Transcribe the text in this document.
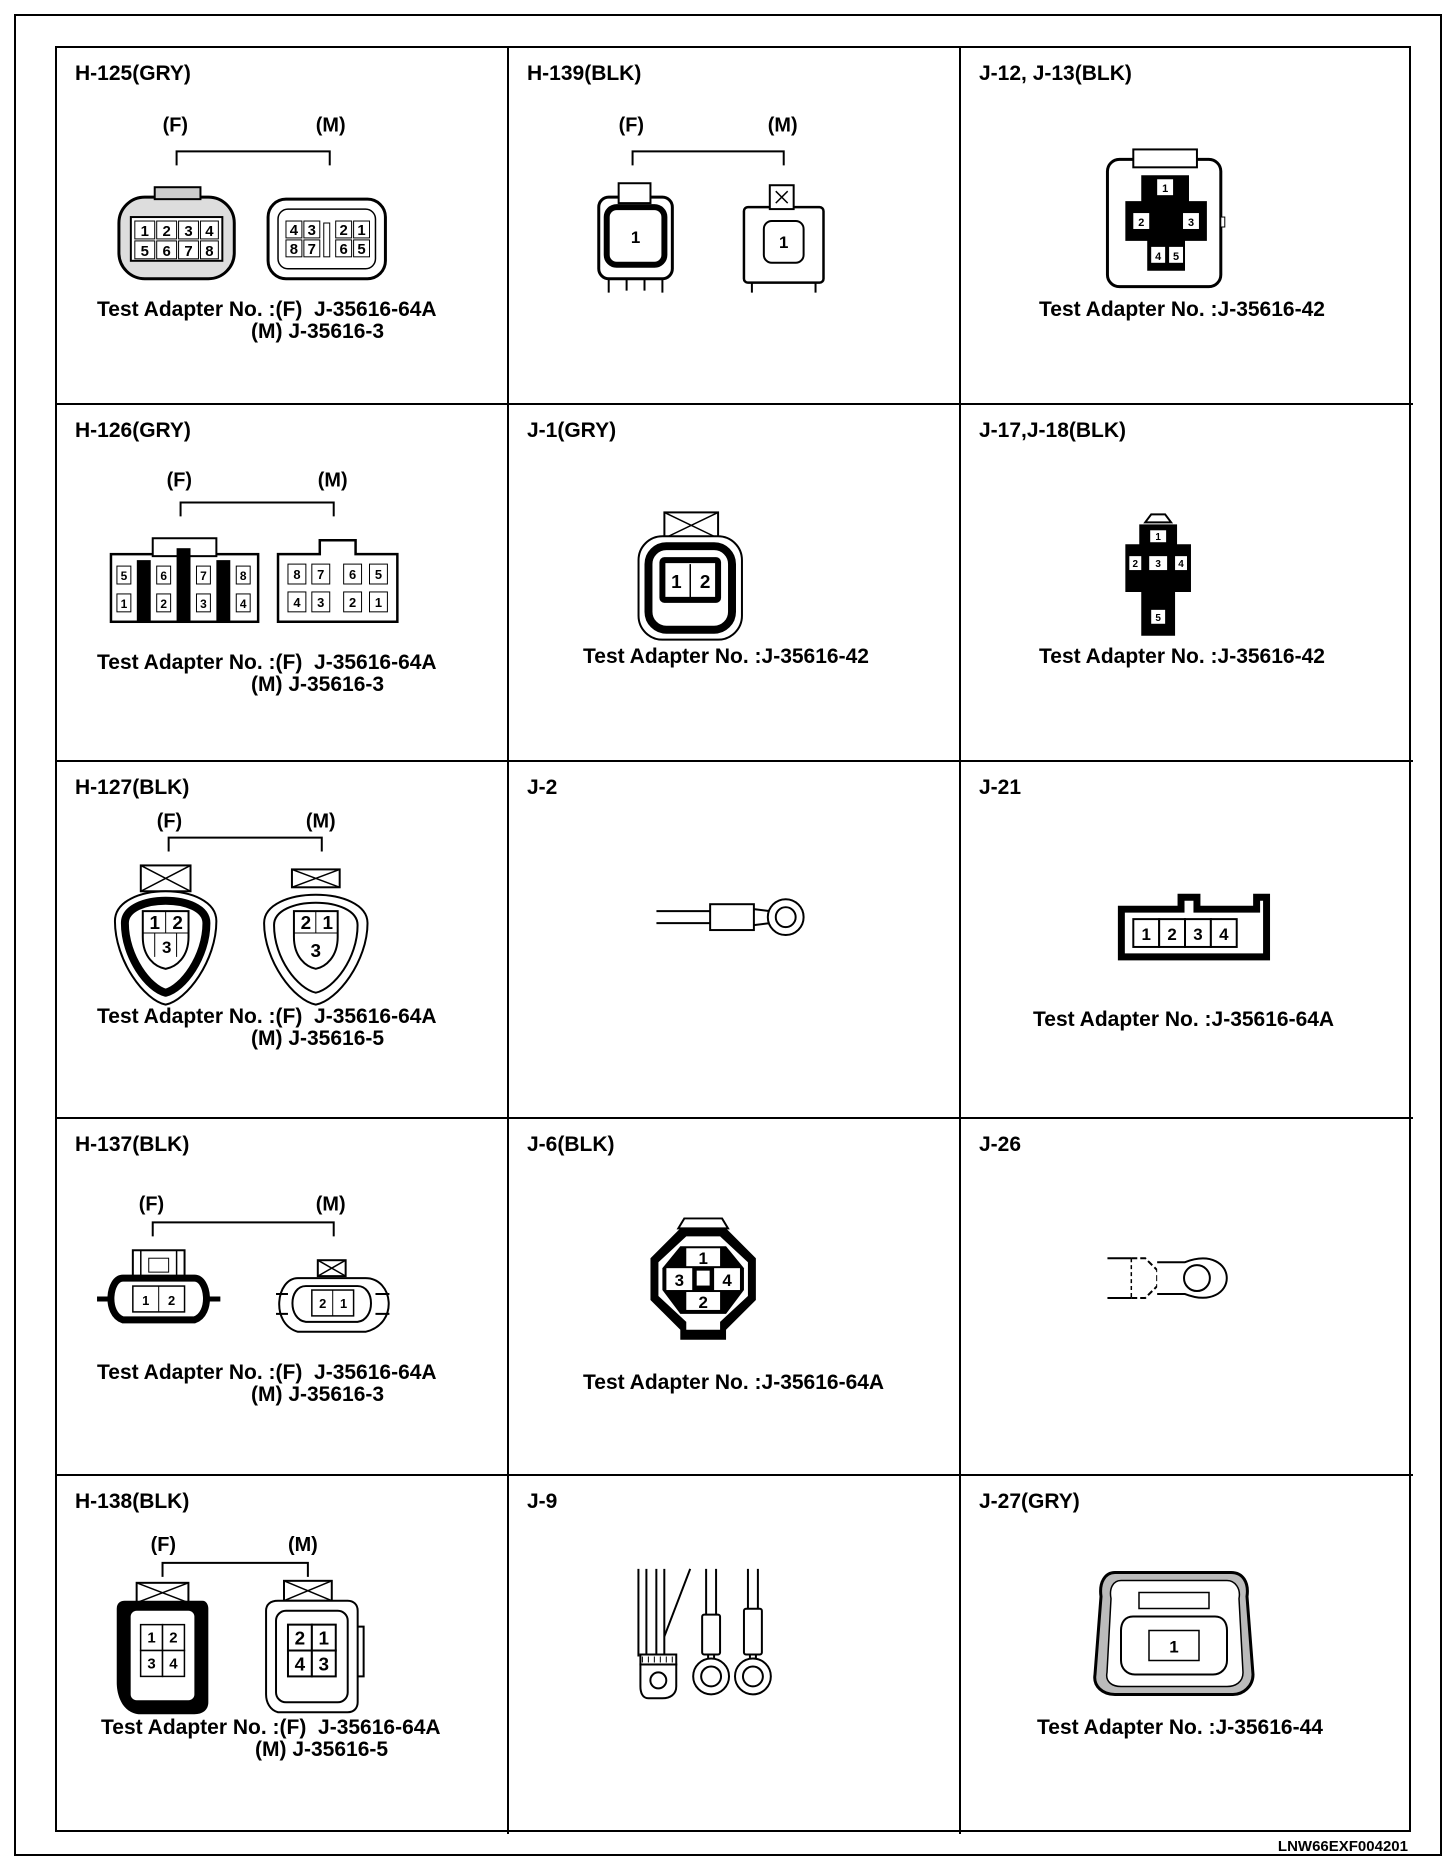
H-125(GRY)
(F)	(M)
1 2 3 4
5 6 7 8
4 3
8 7
2 1
6 5
Test Adapter No. :(F) J-35616-64A
(M) J-35616-3
H-139(BLK)
(F)	(M)
1	1
J-12, J-13(BLK)
1
2	3
4 5
Test Adapter No. :J-35616-42
H-126(GRY)
(F)	(M)
5	6	7	8
1	2	3	4
8 7 6 5
4 3 2 1
Test Adapter No. :(F) J-35616-64A
(M) J-35616-3
J-1(GRY)
1 2
Test Adapter No. :J-35616-42
J-17,J-18(BLK)
1
2 3 4
5
Test Adapter No. :J-35616-42
H-127(BLK)
(F)	(M)
1 2
3
2 1
3
Test Adapter No. :(F) J-35616-64A
(M) J-35616-5
J-2	J-21
1 2 3 4
Test Adapter No. :J-35616-64A
H-137(BLK)
(F)	(M)
1 2	2 1
Test Adapter No. :(F) J-35616-64A
(M) J-35616-3
J-6(BLK)
1
3 4
2
Test Adapter No. :J-35616-64A
J-26
H-138(BLK)
(F)	(M)
1 2
3 4
2 1
4 3
Test Adapter No. :(F) J-35616-64A
(M) J-35616-5
J-9	J-27(GRY)
1
Test Adapter No. :J-35616-44
LNW66EXF004201
